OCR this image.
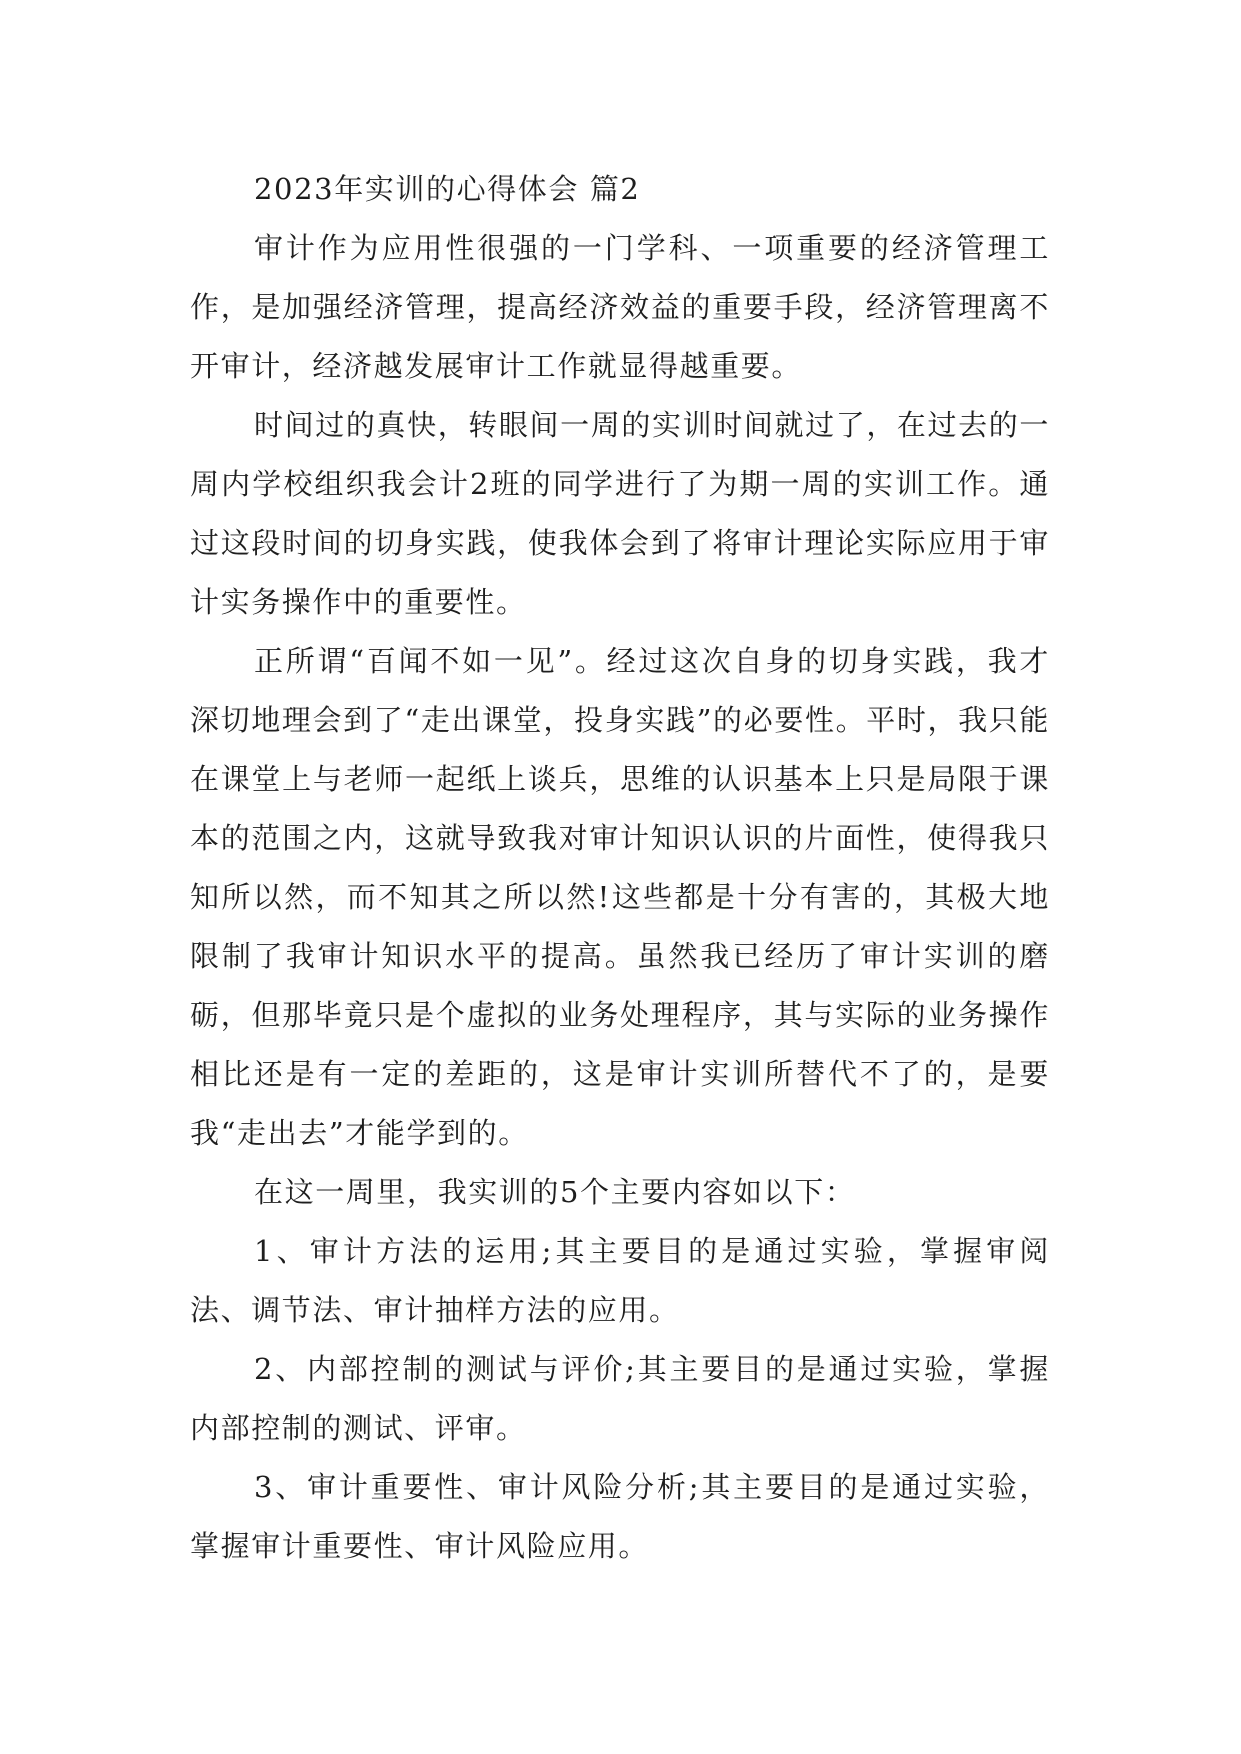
2023年实训的心得体会 篇2

审计作为应用性很强的一门学科、一项重要的经济管理工作，是加强经济管理，提高经济效益的重要手段，经济管理离不开审计，经济越发展审计工作就显得越重要。

时间过的真快，转眼间一周的实训时间就过了，在过去的一周内学校组织我会计2班的同学进行了为期一周的实训工作。通过这段时间的切身实践，使我体会到了将审计理论实际应用于审计实务操作中的重要性。

正所谓“百闻不如一见”。经过这次自身的切身实践，我才深切地理会到了“走出课堂，投身实践”的必要性。平时，我只能在课堂上与老师一起纸上谈兵，思维的认识基本上只是局限于课本的范围之内，这就导致我对审计知识认识的片面性，使得我只知所以然，而不知其之所以然!这些都是十分有害的，其极大地限制了我审计知识水平的提高。虽然我已经历了审计实训的磨砺，但那毕竟只是个虚拟的业务处理程序，其与实际的业务操作相比还是有一定的差距的，这是审计实训所替代不了的，是要我“走出去”才能学到的。

在这一周里，我实训的5个主要内容如以下：

1、审计方法的运用;其主要目的是通过实验，掌握审阅法、调节法、审计抽样方法的应用。

2、内部控制的测试与评价;其主要目的是通过实验，掌握内部控制的测试、评审。

3、审计重要性、审计风险分析;其主要目的是通过实验，掌握审计重要性、审计风险应用。
